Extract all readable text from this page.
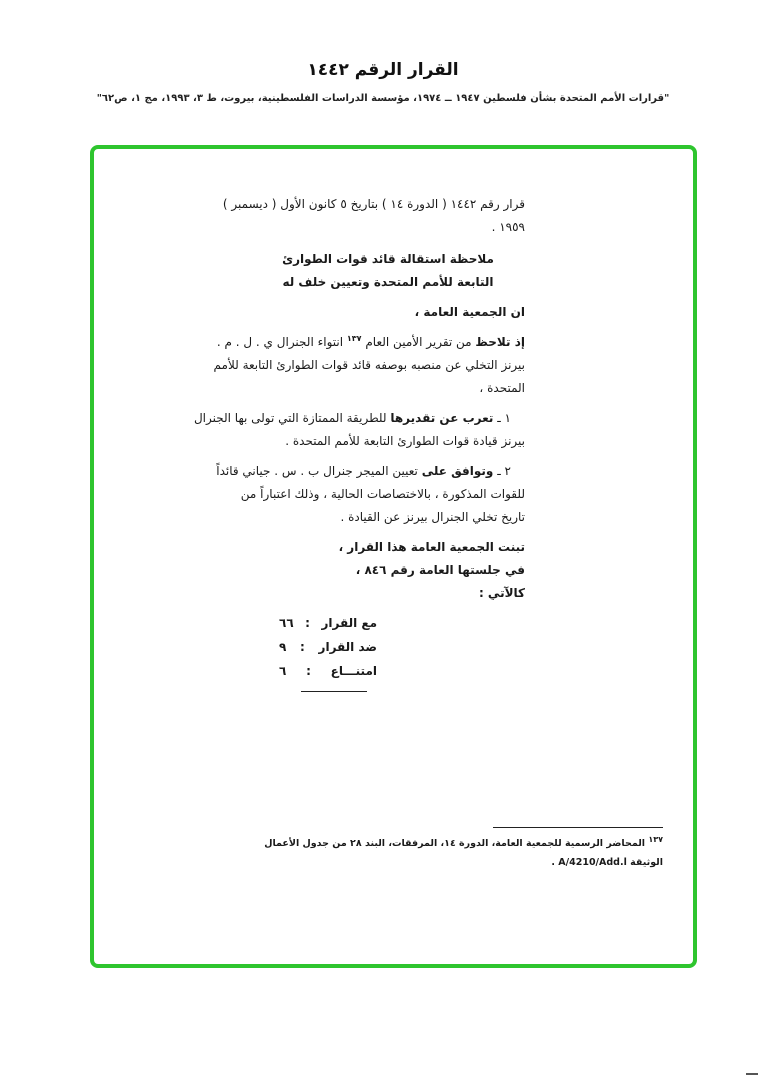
القرار الرقم ١٤٤٢
"قرارات الأمم المتحدة بشأن فلسطين ١٩٤٧ ــ ١٩٧٤، مؤسسة الدراسات الفلسطينية، بيروت، ط ٣، ١٩٩٣، مج ١، ص٦٢"
قرار رقم ١٤٤٢ ( الدورة ١٤ ) بتاريخ ٥ كانون الأول ( ديسمبر )
١٩٥٩ .
ملاحظة استقالة قائد قوات الطوارئ
التابعة للأمم المتحدة وتعيين خلف له
ان الجمعية العامة ،
إذ تلاحظ من تقرير الأمين العام $^{١٣٧}$ انتواء الجنرال ي . ل . م .
بيرنز التخلي عن منصبه بوصفه قائد قوات الطوارئ التابعة للأمم
المتحدة ،
١ ـ تعرب عن تقديرها للطريقة الممتازة التي تولى بها الجنرال
بيرنز قيادة قوات الطوارئ التابعة للأمم المتحدة .
٢ ـ وتوافق على تعيين الميجر جنرال ب . س . جياني قائداً
للقوات المذكورة ، بالاختصاصات الحالية ، وذلك اعتباراً من
تاريخ تخلي الجنرال بيرنز عن القيادة .
تبنت الجمعية العامة هذا القرار ،
في جلستها العامة رقم ٨٤٦ ،
كالآتي :
مع القرار
:
٦٦
ضد القرار
:
٩
امتنـــاع
:
٦
$^{١٣٧}$ المحاضر الرسمية للجمعية العامة، الدورة ١٤، المرفقات، البند ٢٨ من جدول الأعمال
الوثيقة A/4210/Add.l .
